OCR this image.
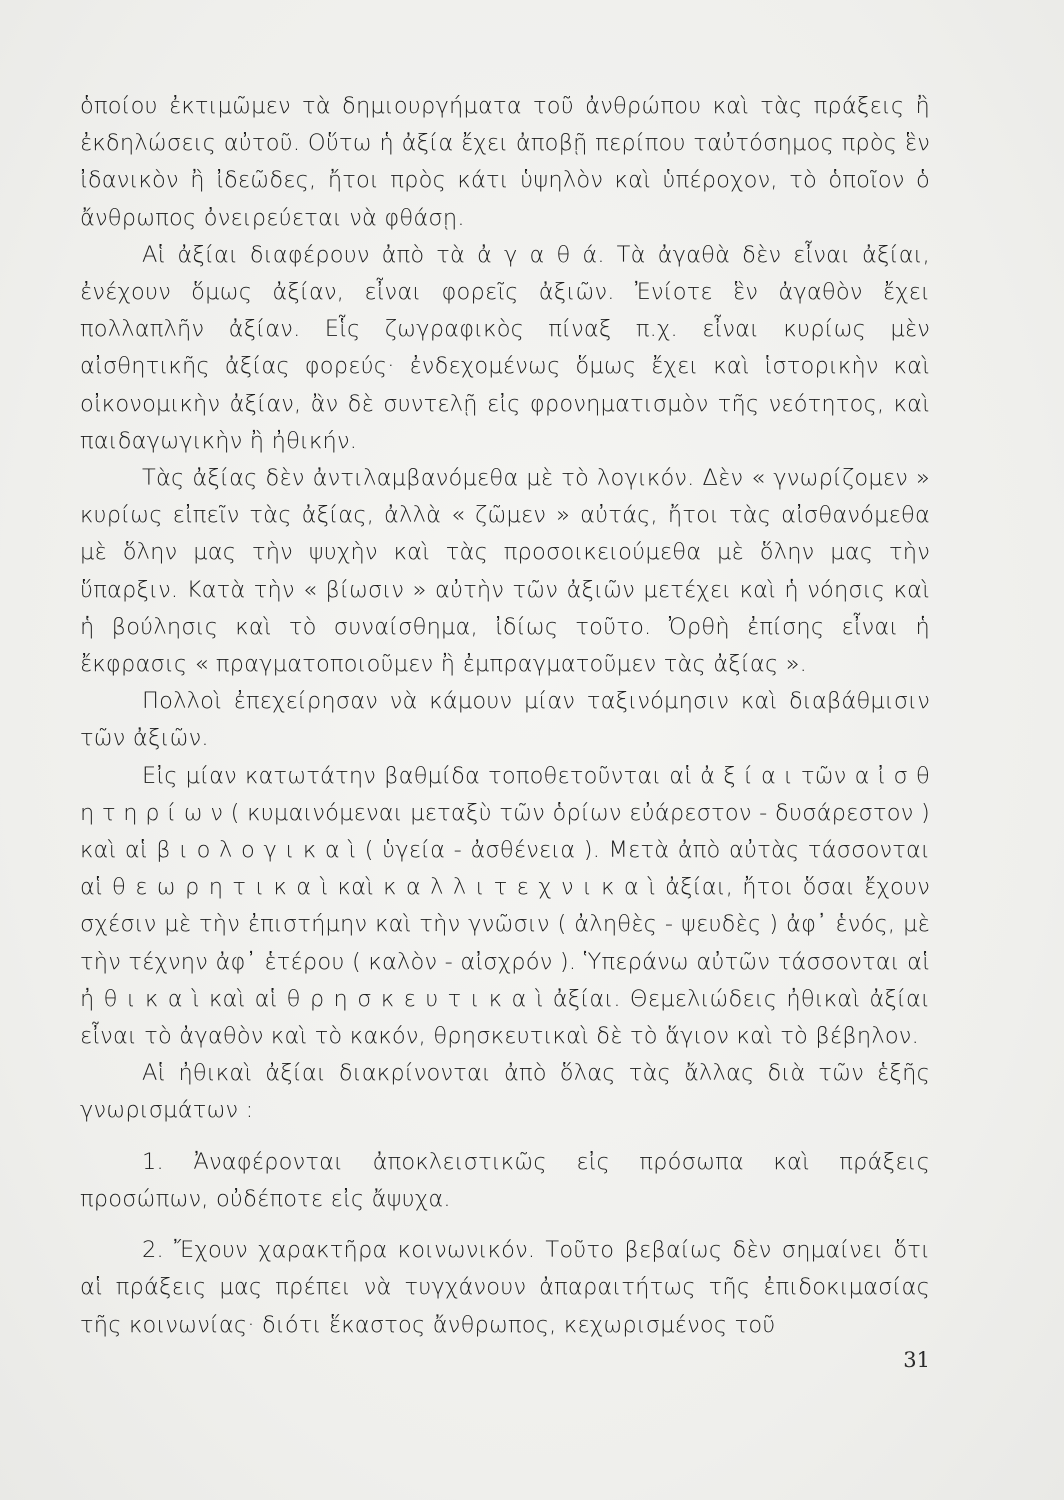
ὁποίου ἐκτιμῶμεν τὰ δημιουργήματα τοῦ ἀνθρώπου καὶ τὰς πράξεις ἢ ἐκδηλώσεις αὐτοῦ. Οὕτω ἡ ἀξία ἔχει ἀποβῇ περίπου ταὐτόσημος πρὸς ἓν ἰδανικὸν ἢ ἰδεῶδες, ἤτοι πρὸς κάτι ὑψηλὸν καὶ ὑπέροχον, τὸ ὁποῖον ὁ ἄνθρωπος ὀνειρεύεται νὰ φθάσῃ.

Αἱ ἀξίαι διαφέρουν ἀπὸ τὰ ἀ γ α θ ά. Τὰ ἀγαθὰ δὲν εἶναι ἀξίαι, ἐνέχουν ὅμως ἀξίαν, εἶναι φορεῖς ἀξιῶν. Ἐνίοτε ἓν ἀγαθὸν ἔχει πολλαπλῆν ἀξίαν. Εἷς ζωγραφικὸς πίναξ π.χ. εἶναι κυρίως μὲν αἰσθητικῆς ἀξίας φορεύς· ἐνδεχομένως ὅμως ἔχει καὶ ἱστορικὴν καὶ οἰκονομικὴν ἀξίαν, ἂν δὲ συντελῇ εἰς φρονηματισμὸν τῆς νεότητος, καὶ παιδαγωγικὴν ἢ ἠθικήν.

Τὰς ἀξίας δὲν ἀντιλαμβανόμεθα μὲ τὸ λογικόν. Δὲν « γνωρίζομεν » κυρίως εἰπεῖν τὰς ἀξίας, ἀλλὰ « ζῶμεν » αὐτάς, ἤτοι τὰς αἰσθανόμεθα μὲ ὅλην μας τὴν ψυχὴν καὶ τὰς προσοικειούμεθα μὲ ὅλην μας τὴν ὕπαρξιν. Κατὰ τὴν « βίωσιν » αὐτὴν τῶν ἀξιῶν μετέχει καὶ ἡ νόησις καὶ ἡ βούλησις καὶ τὸ συναίσθημα, ἰδίως τοῦτο. Ὀρθὴ ἐπίσης εἶναι ἡ ἔκφρασις « πραγματοποιοῦμεν ἢ ἐμπραγματοῦμεν τὰς ἀξίας ».

Πολλοὶ ἐπεχείρησαν νὰ κάμουν μίαν ταξινόμησιν καὶ διαβάθμισιν τῶν ἀξιῶν.

Εἰς μίαν κατωτάτην βαθμίδα τοποθετοῦνται αἱ ἀ ξ ί α ι τῶν α ἰ σ θ η τ η ρ ί ω ν ( κυμαινόμεναι μεταξὺ τῶν ὁρίων εὐάρεστον - δυσάρεστον ) καὶ αἱ β ι ο λ ο γ ι κ α ὶ ( ὑγεία - ἀσθένεια ). Μετὰ ἀπὸ αὐτὰς τάσσονται αἱ θ ε ω ρ η τ ι κ α ὶ καὶ κ α λ λ ι τ ε χ ν ι κ α ὶ ἀξίαι, ἤτοι ὅσαι ἔχουν σχέσιν μὲ τὴν ἐπιστήμην καὶ τὴν γνῶσιν ( ἀληθὲς - ψευδὲς ) ἀφ᾽ ἑνός, μὲ τὴν τέχνην ἀφ᾽ ἑτέρου ( καλὸν - αἰσχρόν ). Ὑπεράνω αὐτῶν τάσσονται αἱ ἠ θ ι κ α ὶ καὶ αἱ θ ρ η σ κ ε υ τ ι κ α ὶ ἀξίαι. Θεμελιώδεις ἠθικαὶ ἀξίαι εἶναι τὸ ἀγαθὸν καὶ τὸ κακόν, θρησκευτικαὶ δὲ τὸ ἅγιον καὶ τὸ βέβηλον.

Αἱ ἠθικαὶ ἀξίαι διακρίνονται ἀπὸ ὅλας τὰς ἄλλας διὰ τῶν ἑξῆς γνωρισμάτων :

1. Ἀναφέρονται ἀποκλειστικῶς εἰς πρόσωπα καὶ πράξεις προσώπων, οὐδέποτε εἰς ἄψυχα.

2. Ἔχουν χαρακτῆρα κοινωνικόν. Τοῦτο βεβαίως δὲν σημαίνει ὅτι αἱ πράξεις μας πρέπει νὰ τυγχάνουν ἀπαραιτήτως τῆς ἐπιδοκιμασίας τῆς κοινωνίας· διότι ἕκαστος ἄνθρωπος, κεχωρισμένος τοῦ

31
